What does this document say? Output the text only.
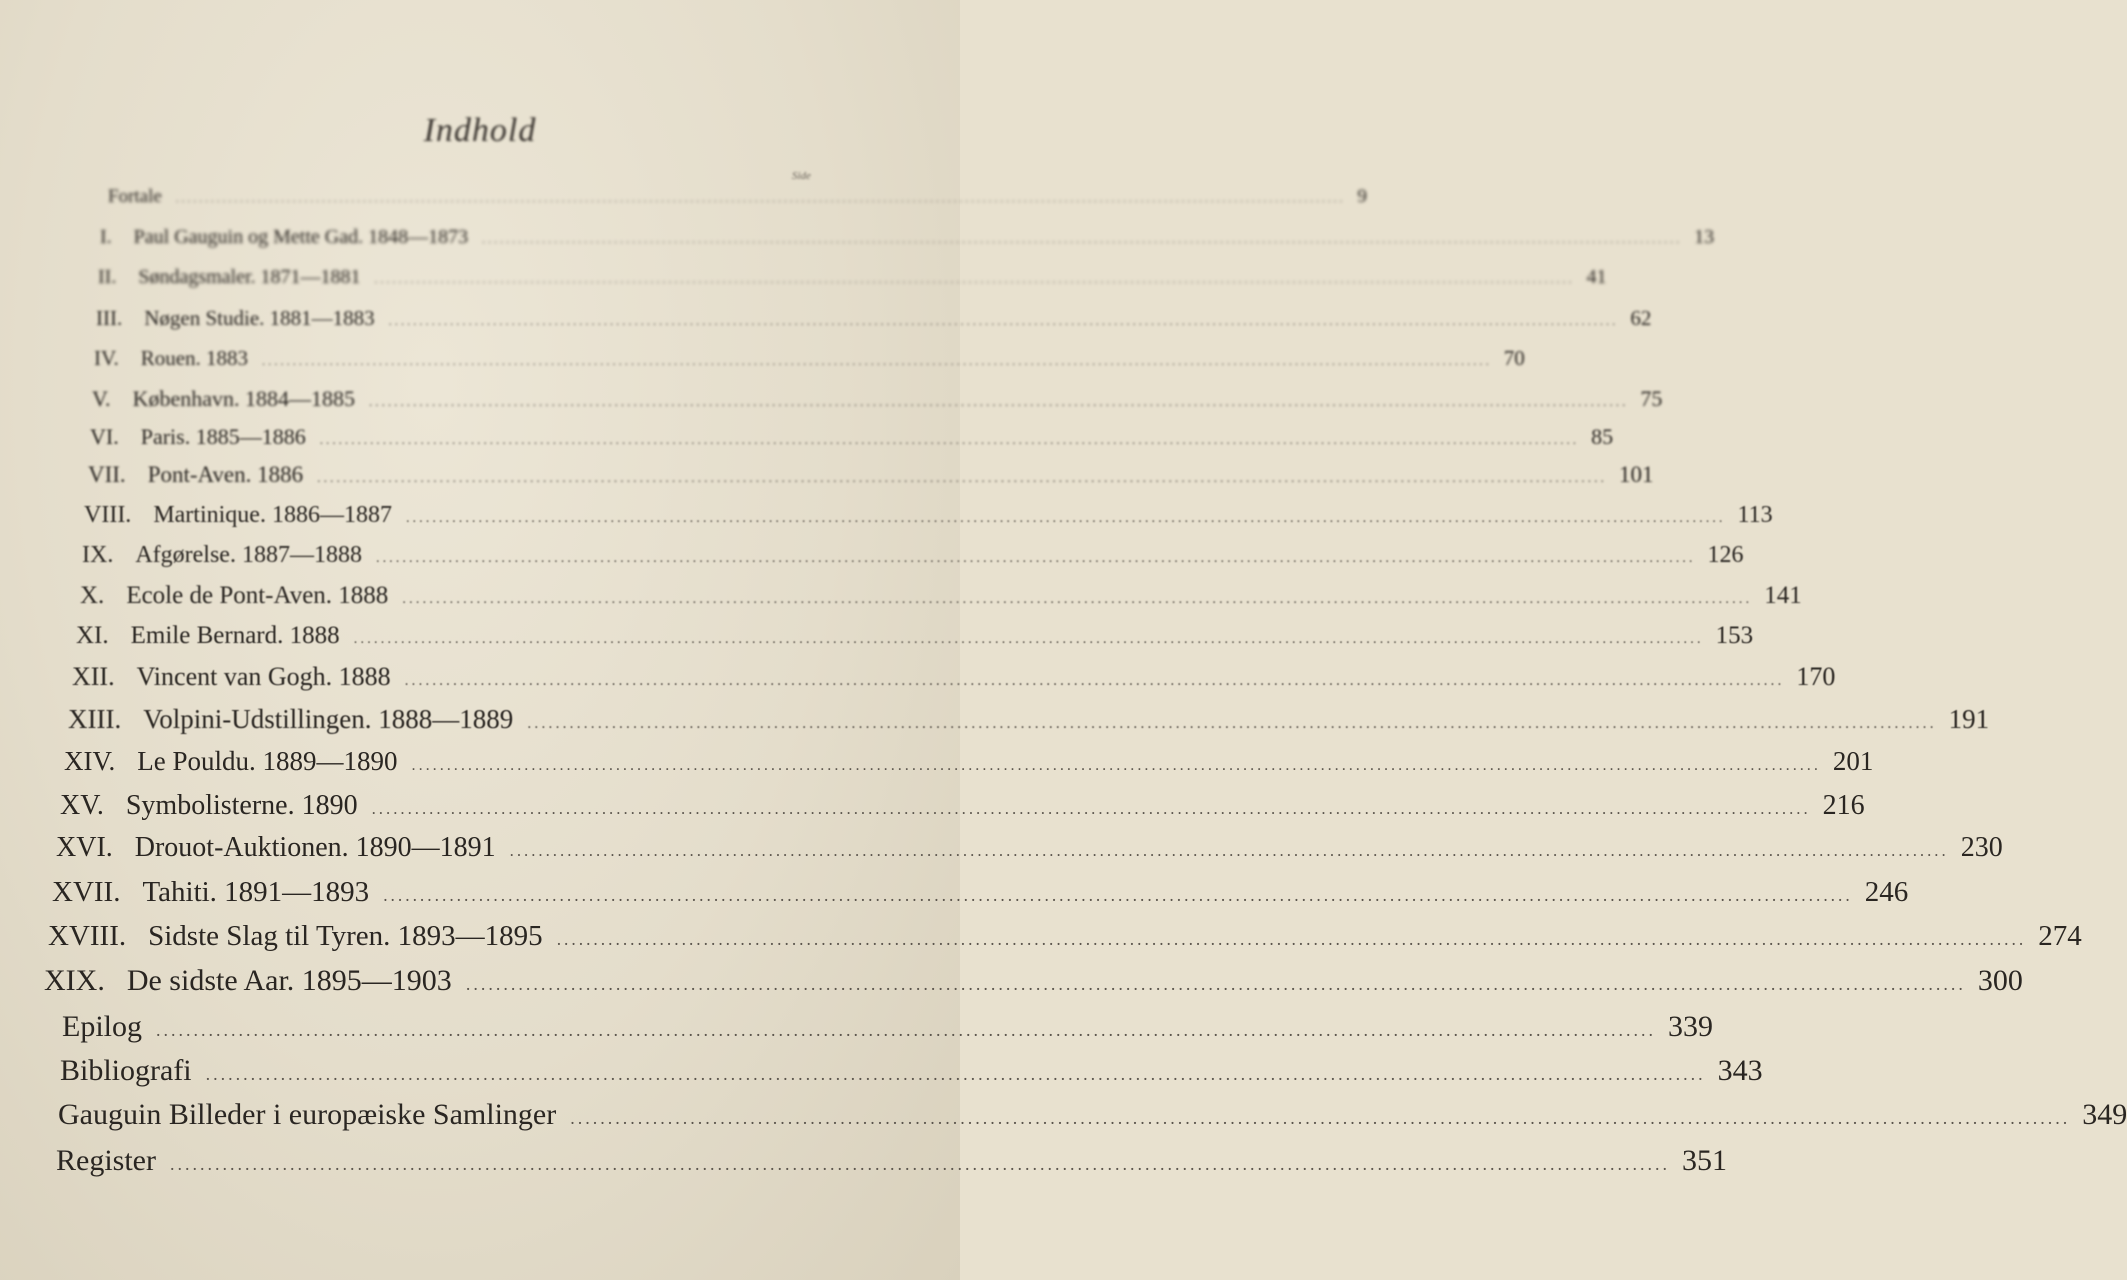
Indhold
Side
Fortale ........................................................................................................................................................................................................ 9
I.	Paul Gauguin og Mette Gad. 1848—1873 ........................................................................................................................................................................................................ 13
II.	Søndagsmaler. 1871—1881 ........................................................................................................................................................................................................ 41
III.	Nøgen Studie. 1881—1883 ........................................................................................................................................................................................................ 62
IV.	Rouen. 1883 ........................................................................................................................................................................................................ 70
V.	København. 1884—1885 ........................................................................................................................................................................................................ 75
VI.	Paris. 1885—1886 ........................................................................................................................................................................................................ 85
VII. Pont-Aven. 1886 ........................................................................................................................................................................................................ 101
VIII. Martinique. 1886—1887 ........................................................................................................................................................................................................ 113
IX. Afgørelse. 1887—1888 ........................................................................................................................................................................................................ 126
X. Ecole de Pont-Aven. 1888 ........................................................................................................................................................................................................ 141
XI. Emile Bernard. 1888 ........................................................................................................................................................................................................ 153
XII. Vincent van Gogh. 1888 ........................................................................................................................................................................................................ 170
XIII. Volpini-Udstillingen. 1888—1889 ........................................................................................................................................................................................................ 191
XIV. Le Pouldu. 1889—1890 ........................................................................................................................................................................................................ 201
XV. Symbolisterne. 1890 ........................................................................................................................................................................................................ 216
XVI. Drouot-Auktionen. 1890—1891 ........................................................................................................................................................................................................ 230
XVII. Tahiti. 1891—1893 ........................................................................................................................................................................................................ 246
XVIII. Sidste Slag til Tyren. 1893—1895 ........................................................................................................................................................................................................ 274
XIX. De sidste Aar. 1895—1903 ........................................................................................................................................................................................................ 300
Epilog ........................................................................................................................................................................................................ 339
Bibliografi ........................................................................................................................................................................................................ 343
Gauguin Billeder i europæiske Samlinger ........................................................................................................................................................................................................ 349
Register ........................................................................................................................................................................................................ 351
